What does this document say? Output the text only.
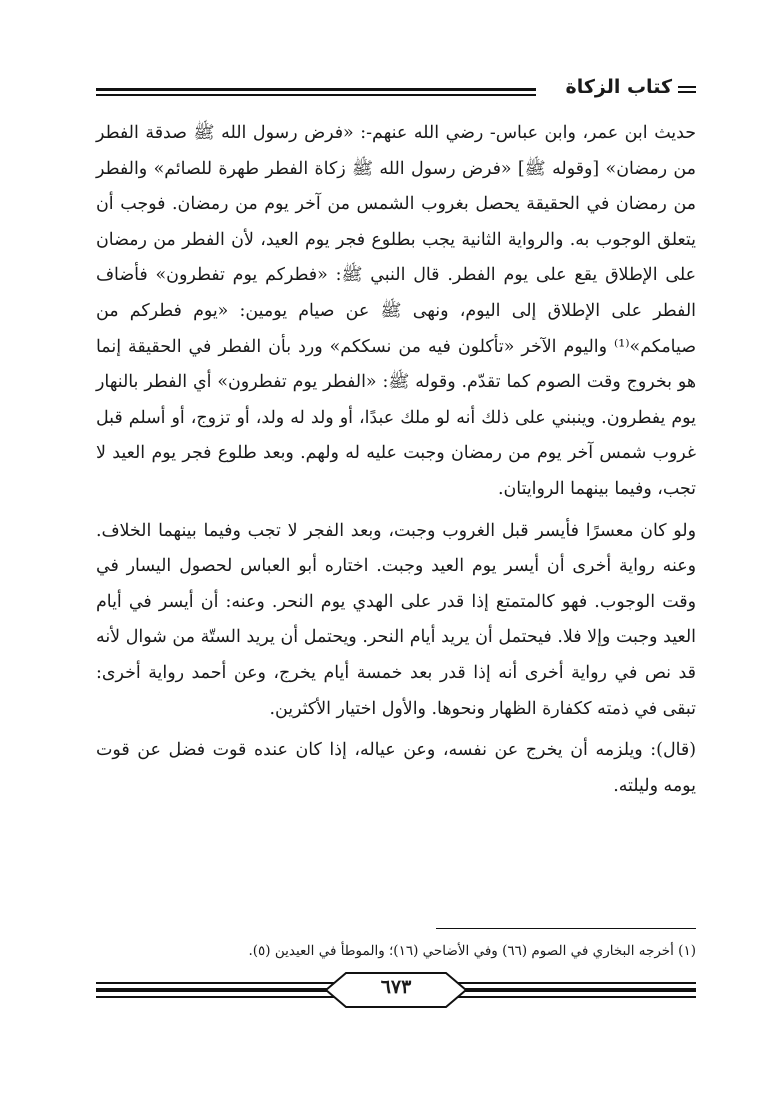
كتاب الزكاة

حديث ابن عمر، وابن عباس- رضي الله عنهم-: «فرض رسول الله ﷺ صدقة الفطر من رمضان» [وقوله ﷺ] «فرض رسول الله ﷺ زكاة الفطر طهرة للصائم» والفطر من رمضان في الحقيقة يحصل بغروب الشمس من آخر يوم من رمضان. فوجب أن يتعلق الوجوب به. والرواية الثانية يجب بطلوع فجر يوم العيد، لأن الفطر من رمضان على الإطلاق يقع على يوم الفطر. قال النبي ﷺ: «فطركم يوم تفطرون» فأضاف الفطر على الإطلاق إلى اليوم، ونهى ﷺ عن صيام يومين: «يوم فطركم من صيامكم»⁽¹⁾ واليوم الآخر «تأكلون فيه من نسككم» ورد بأن الفطر في الحقيقة إنما هو بخروج وقت الصوم كما تقدّم. وقوله ﷺ: «الفطر يوم تفطرون» أي الفطر بالنهار يوم يفطرون. وينبني على ذلك أنه لو ملك عبدًا، أو ولد له ولد، أو تزوج، أو أسلم قبل غروب شمس آخر يوم من رمضان وجبت عليه له ولهم. وبعد طلوع فجر يوم العيد لا تجب، وفيما بينهما الروايتان.

ولو كان معسرًا فأيسر قبل الغروب وجبت، وبعد الفجر لا تجب وفيما بينهما الخلاف. وعنه رواية أخرى أن أيسر يوم العيد وجبت. اختاره أبو العباس لحصول اليسار في وقت الوجوب. فهو كالمتمتع إذا قدر على الهدي يوم النحر. وعنه: أن أيسر في أيام العيد وجبت وإلا فلا. فيحتمل أن يريد أيام النحر. ويحتمل أن يريد الستّة من شوال لأنه قد نص في رواية أخرى أنه إذا قدر بعد خمسة أيام يخرج، وعن أحمد رواية أخرى: تبقى في ذمته ككفارة الظهار ونحوها. والأول اختيار الأكثرين.

(قال): ويلزمه أن يخرج عن نفسه، وعن عياله، إذا كان عنده قوت فضل عن قوت يومه وليلته.

(١) أخرجه البخاري في الصوم (٦٦) وفي الأضاحي (١٦)؛ والموطأ في العيدين (٥).
٦٧٣
